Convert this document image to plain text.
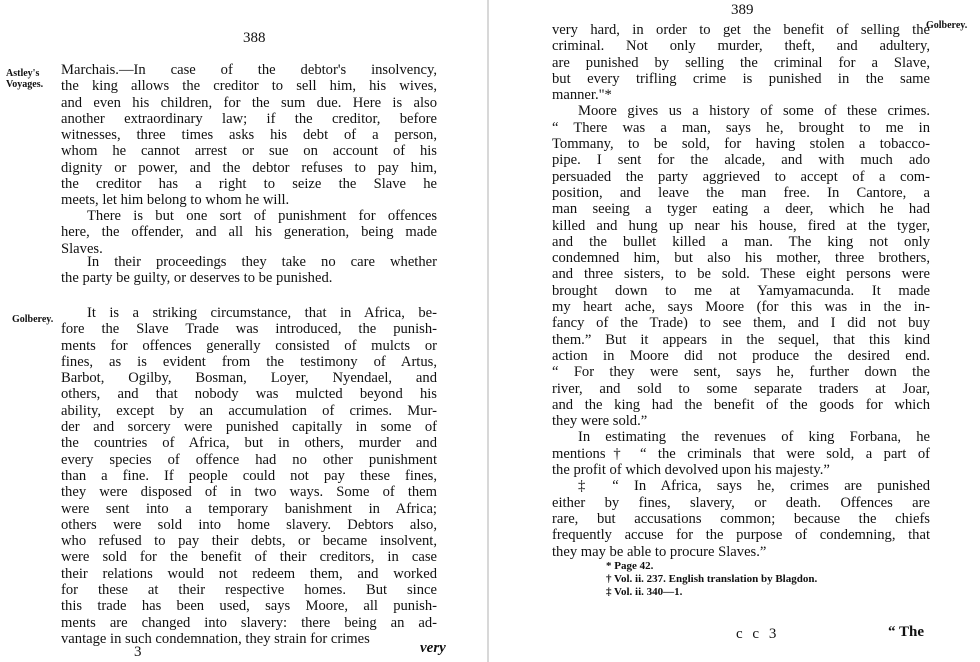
388
Astley's Voyages.
Golberey.
Marchais.—In case of the debtor's insolvency,
the king allows the creditor to sell him, his wives,
and even his children, for the sum due. Here is also
another extraordinary law; if the creditor, before
witnesses, three times asks his debt of a person,
whom he cannot arrest or sue on account of his
dignity or power, and the debtor refuses to pay him,
the creditor has a right to seize the Slave he
meets, let him belong to whom he will.
There is but one sort of punishment for offences
here, the offender, and all his generation, being made
Slaves.
In their proceedings they take no care whether
the party be guilty, or deserves to be punished.
It is a striking circumstance, that in Africa, be-
fore the Slave Trade was introduced, the punish-
ments for offences generally consisted of mulcts or
fines, as is evident from the testimony of Artus,
Barbot, Ogilby, Bosman, Loyer, Nyendael, and
others, and that nobody was mulcted beyond his
ability, except by an accumulation of crimes. Mur-
der and sorcery were punished capitally in some of
the countries of Africa, but in others, murder and
every species of offence had no other punishment
than a fine. If people could not pay these fines,
they were disposed of in two ways. Some of them
were sent into a temporary banishment in Africa;
others were sold into home slavery. Debtors also,
who refused to pay their debts, or became insolvent,
were sold for the benefit of their creditors, in case
their relations would not redeem them, and worked
for these at their respective homes. But since
this trade has been used, says Moore, all punish-
ments are changed into slavery: there being an ad-
vantage in such condemnation, they strain for crimes
3	very
389
Golberey.
very hard, in order to get the benefit of selling the
criminal. Not only murder, theft, and adultery,
are punished by selling the criminal for a Slave,
but every trifling crime is punished in the same
manner."*
Moore gives us a history of some of these crimes.
“ There was a man, says he, brought to me in
Tommany, to be sold, for having stolen a tobacco-
pipe. I sent for the alcade, and with much ado
persuaded the party aggrieved to accept of a com-
position, and leave the man free. In Cantore, a
man seeing a tyger eating a deer, which he had
killed and hung up near his house, fired at the tyger,
and the bullet killed a man. The king not only
condemned him, but also his mother, three brothers,
and three sisters, to be sold. These eight persons were
brought down to me at Yamyamacunda. It made
my heart ache, says Moore (for this was in the in-
fancy of the Trade) to see them, and I did not buy
them.” But it appears in the sequel, that this kind
action in Moore did not produce the desired end.
“ For they were sent, says he, further down the
river, and sold to some separate traders at Joar,
and the king had the benefit of the goods for which
they were sold.”
In estimating the revenues of king Forbana, he
mentions† “ the criminals that were sold, a part of
the profit of which devolved upon his majesty.”
‡ “ In Africa, says he, crimes are punished
either by fines, slavery, or death. Offences are
rare, but accusations common; because the chiefs
frequently accuse for the purpose of condemning, that
they may be able to procure Slaves.”
* Page 42.
† Vol. ii. 237. English translation by Blagdon.
‡ Vol. ii. 340—1.
c c 3	“ The
